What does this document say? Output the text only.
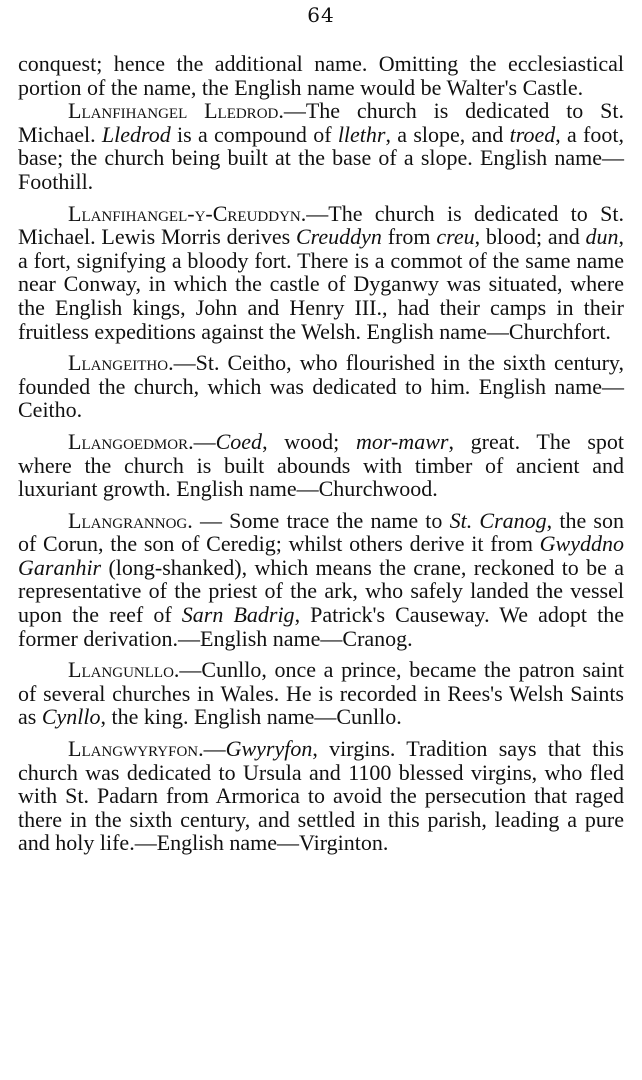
64

conquest; hence the additional name. Omitting the ecclesiastical portion of the name, the English name would be Walter's Castle.

Llanfihangel Lledrod.—The church is dedicated to St. Michael. Lledrod is a compound of llethr, a slope, and troed, a foot, base; the church being built at the base of a slope. English name—Foothill.

Llanfihangel-y-Creuddyn.—The church is dedicated to St. Michael. Lewis Morris derives Creuddyn from creu, blood; and dun, a fort, signifying a bloody fort. There is a commot of the same name near Conway, in which the castle of Dyganwy was situated, where the English kings, John and Henry III., had their camps in their fruitless expeditions against the Welsh. English name—Churchfort.

Llangeitho.—St. Ceitho, who flourished in the sixth century, founded the church, which was dedicated to him. English name—Ceitho.

Llangoedmor.—Coed, wood; mor-mawr, great. The spot where the church is built abounds with timber of ancient and luxuriant growth. English name—Churchwood.

Llangrannog. — Some trace the name to St. Cranog, the son of Corun, the son of Ceredig; whilst others derive it from Gwyddno Garanhir (long-shanked), which means the crane, reckoned to be a representative of the priest of the ark, who safely landed the vessel upon the reef of Sarn Badrig, Patrick's Causeway. We adopt the former derivation.—English name—Cranog.

Llangunllo.—Cunllo, once a prince, became the patron saint of several churches in Wales. He is recorded in Rees's Welsh Saints as Cynllo, the king. English name—Cunllo.

Llangwyryfon.—Gwyryfon, virgins. Tradition says that this church was dedicated to Ursula and 1100 blessed virgins, who fled with St. Padarn from Armorica to avoid the persecution that raged there in the sixth century, and settled in this parish, leading a pure and holy life.—English name—Virginton.
